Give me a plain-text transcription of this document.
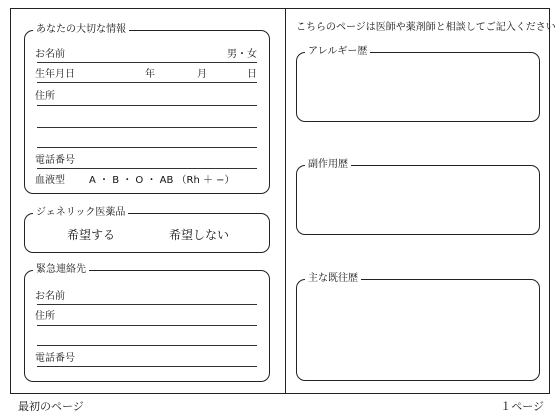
あなたの大切な情報
お名前	男・女
生年月日	年	月	日
住所
電話番号
血液型 A ・ B ・ O ・ AB （Rh ＋ −）
ジェネリック医薬品
希望する	希望しない
緊急連絡先
お名前
住所
電話番号
こちらのページは医師や薬剤師と相談してご記入ください
アレルギー歴
副作用歴
主な既往歴
最初のページ	１ページ
